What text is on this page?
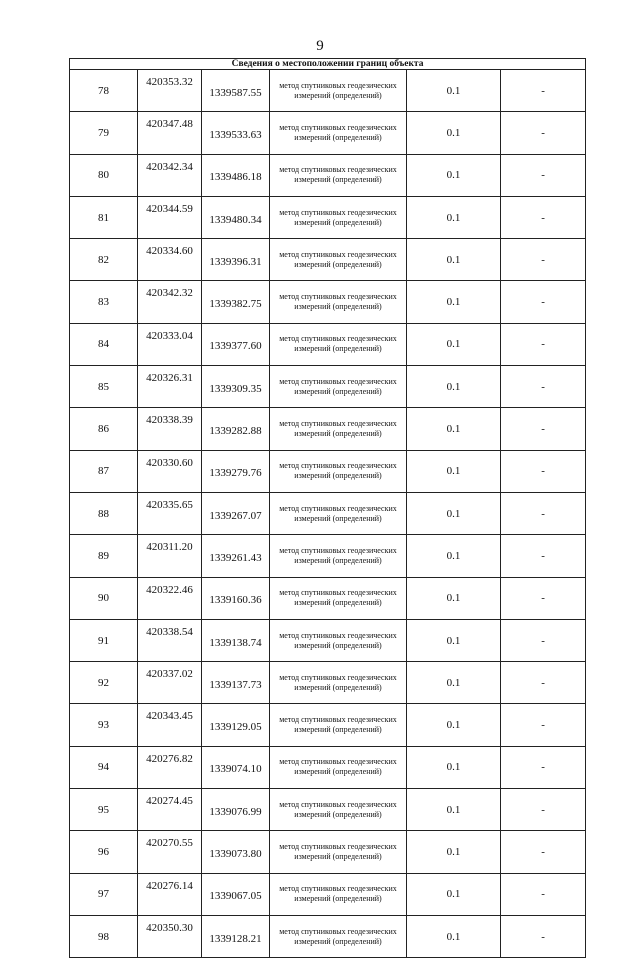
9
Сведения о местоположении границ объекта					
78	420353.32	1339587.55	метод спутниковых геодезических измерений (определений)	0.1	-
79	420347.48	1339533.63	метод спутниковых геодезических измерений (определений)	0.1	-
80	420342.34	1339486.18	метод спутниковых геодезических измерений (определений)	0.1	-
81	420344.59	1339480.34	метод спутниковых геодезических измерений (определений)	0.1	-
82	420334.60	1339396.31	метод спутниковых геодезических измерений (определений)	0.1	-
83	420342.32	1339382.75	метод спутниковых геодезических измерений (определений)	0.1	-
84	420333.04	1339377.60	метод спутниковых геодезических измерений (определений)	0.1	-
85	420326.31	1339309.35	метод спутниковых геодезических измерений (определений)	0.1	-
86	420338.39	1339282.88	метод спутниковых геодезических измерений (определений)	0.1	-
87	420330.60	1339279.76	метод спутниковых геодезических измерений (определений)	0.1	-
88	420335.65	1339267.07	метод спутниковых геодезических измерений (определений)	0.1	-
89	420311.20	1339261.43	метод спутниковых геодезических измерений (определений)	0.1	-
90	420322.46	1339160.36	метод спутниковых геодезических измерений (определений)	0.1	-
91	420338.54	1339138.74	метод спутниковых геодезических измерений (определений)	0.1	-
92	420337.02	1339137.73	метод спутниковых геодезических измерений (определений)	0.1	-
93	420343.45	1339129.05	метод спутниковых геодезических измерений (определений)	0.1	-
94	420276.82	1339074.10	метод спутниковых геодезических измерений (определений)	0.1	-
95	420274.45	1339076.99	метод спутниковых геодезических измерений (определений)	0.1	-
96	420270.55	1339073.80	метод спутниковых геодезических измерений (определений)	0.1	-
97	420276.14	1339067.05	метод спутниковых геодезических измерений (определений)	0.1	-
98	420350.30	1339128.21	метод спутниковых геодезических измерений (определений)	0.1	-
